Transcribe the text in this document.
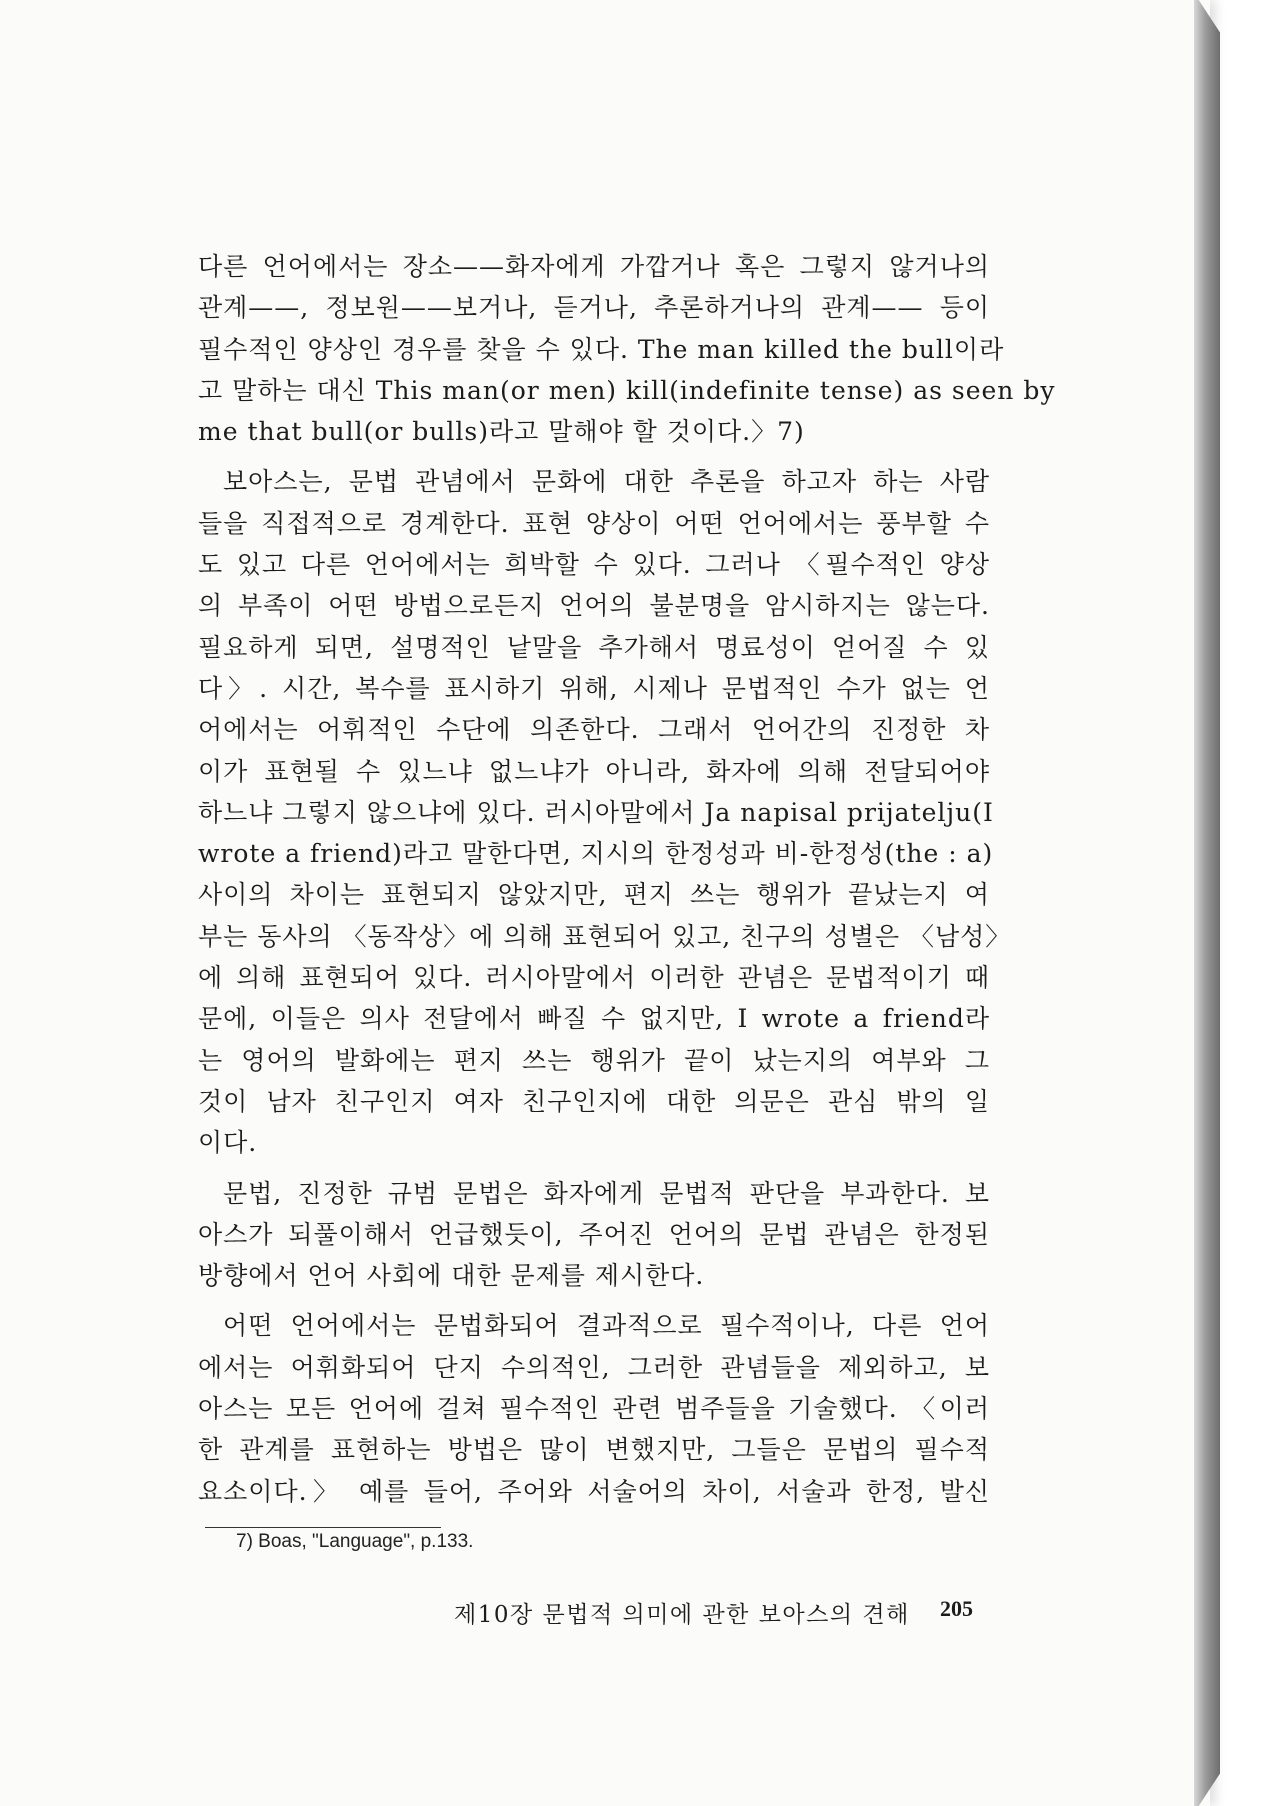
다른 언어에서는 장소——화자에게 가깝거나 혹은 그렇지 않거나의
관계——, 정보원——보거나, 듣거나, 추론하거나의 관계—— 등이
필수적인 양상인 경우를 찾을 수 있다. The man killed the bull이라
고 말하는 대신 This man(or men) kill(indefinite tense) as seen by
me that bull(or bulls)라고 말해야 할 것이다.〉7)
보아스는, 문법 관념에서 문화에 대한 추론을 하고자 하는 사람
들을 직접적으로 경계한다. 표현 양상이 어떤 언어에서는 풍부할 수
도 있고 다른 언어에서는 희박할 수 있다. 그러나 〈필수적인 양상
의 부족이 어떤 방법으로든지 언어의 불분명을 암시하지는 않는다.
필요하게 되면, 설명적인 낱말을 추가해서 명료성이 얻어질 수 있
다〉. 시간, 복수를 표시하기 위해, 시제나 문법적인 수가 없는 언
어에서는 어휘적인 수단에 의존한다. 그래서 언어간의 진정한 차
이가 표현될 수 있느냐 없느냐가 아니라, 화자에 의해 전달되어야
하느냐 그렇지 않으냐에 있다. 러시아말에서 Ja napisal prijatelju(I
wrote a friend)라고 말한다면, 지시의 한정성과 비-한정성(the : a)
사이의 차이는 표현되지 않았지만, 편지 쓰는 행위가 끝났는지 여
부는 동사의 〈동작상〉에 의해 표현되어 있고, 친구의 성별은 〈남성〉
에 의해 표현되어 있다. 러시아말에서 이러한 관념은 문법적이기 때
문에, 이들은 의사 전달에서 빠질 수 없지만, I wrote a friend라
는 영어의 발화에는 편지 쓰는 행위가 끝이 났는지의 여부와 그
것이 남자 친구인지 여자 친구인지에 대한 의문은 관심 밖의 일
이다.
문법, 진정한 규범 문법은 화자에게 문법적 판단을 부과한다. 보
아스가 되풀이해서 언급했듯이, 주어진 언어의 문법 관념은 한정된
방향에서 언어 사회에 대한 문제를 제시한다.
어떤 언어에서는 문법화되어 결과적으로 필수적이나, 다른 언어
에서는 어휘화되어 단지 수의적인, 그러한 관념들을 제외하고, 보
아스는 모든 언어에 걸쳐 필수적인 관련 범주들을 기술했다. 〈이러
한 관계를 표현하는 방법은 많이 변했지만, 그들은 문법의 필수적
요소이다.〉 예를 들어, 주어와 서술어의 차이, 서술과 한정, 발신
7) Boas, "Language", p.133.
제10장 문법적 의미에 관한 보아스의 견해 205
